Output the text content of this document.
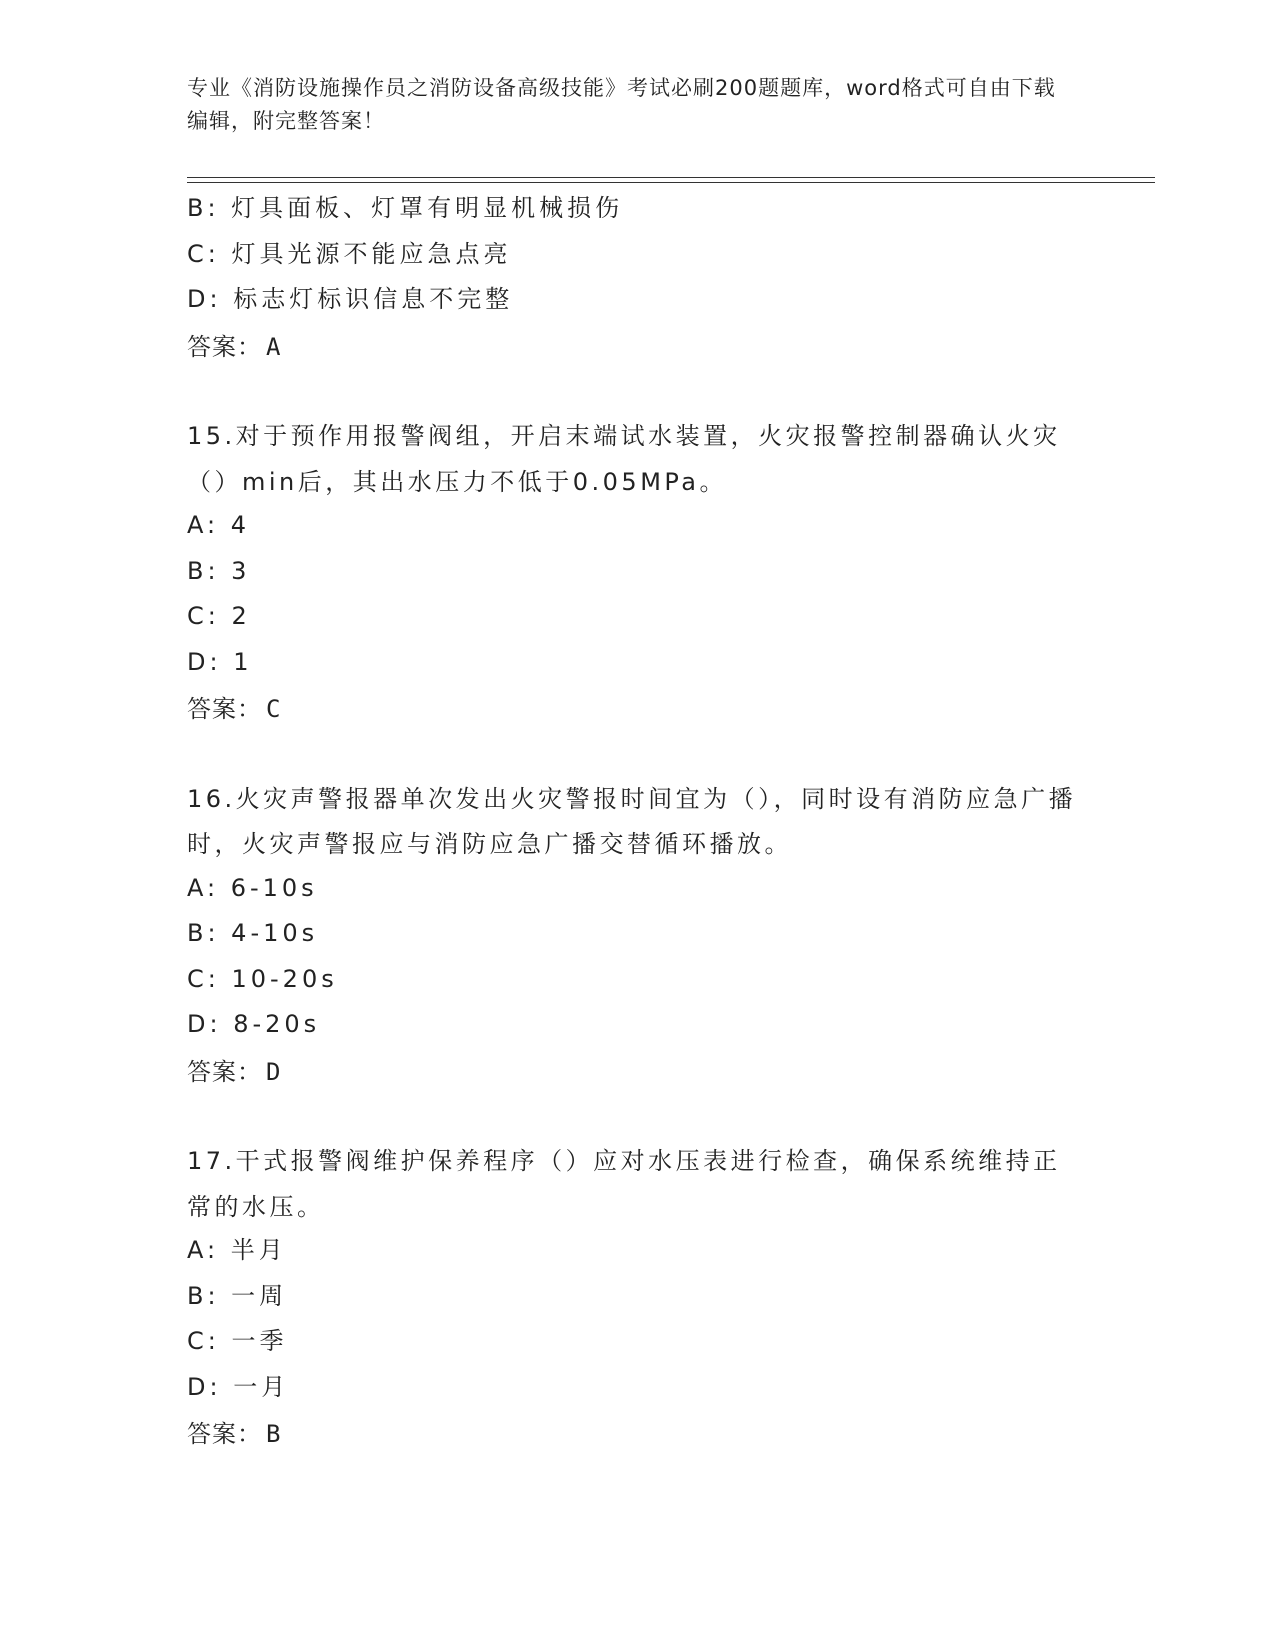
专业《消防设施操作员之消防设备高级技能》考试必刷200题题库，word格式可自由下载编辑，附完整答案！
B: 灯具面板、灯罩有明显机械损伤
C: 灯具光源不能应急点亮
D: 标志灯标识信息不完整
答案： A
15.对于预作用报警阀组，开启末端试水装置，火灾报警控制器确认火灾（）min后，其出水压力不低于0.05MPa。
A: 4
B: 3
C: 2
D: 1
答案： C
16.火灾声警报器单次发出火灾警报时间宜为（），同时设有消防应急广播时，火灾声警报应与消防应急广播交替循环播放。
A: 6-10s
B: 4-10s
C: 10-20s
D: 8-20s
答案： D
17.干式报警阀维护保养程序（）应对水压表进行检查，确保系统维持正常的水压。
A: 半月
B: 一周
C: 一季
D: 一月
答案： B
